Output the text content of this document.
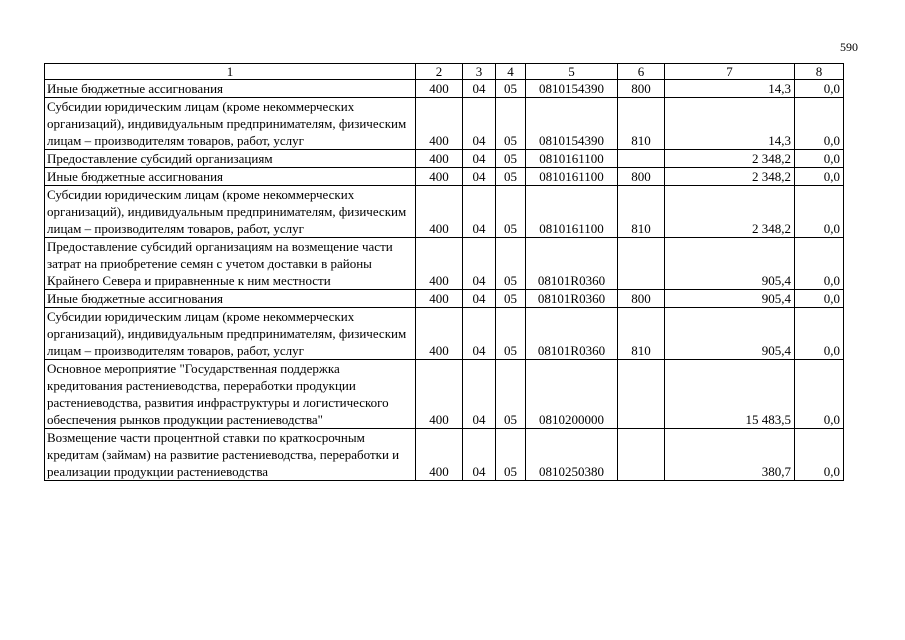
590
1	2	3	4	5	6	7	8
Иные бюджетные ассигнования	400	04	05	0810154390	800	14,3	0,0
Субсидии юридическим лицам (кроме некоммерческих организаций), индивидуальным предпринимателям, физическим лицам – производителям товаров, работ, услуг	400	04	05	0810154390	810	14,3	0,0
Предоставление субсидий организациям	400	04	05	0810161100		2 348,2	0,0
Иные бюджетные ассигнования	400	04	05	0810161100	800	2 348,2	0,0
Субсидии юридическим лицам (кроме некоммерческих организаций), индивидуальным предпринимателям, физическим лицам – производителям товаров, работ, услуг	400	04	05	0810161100	810	2 348,2	0,0
Предоставление субсидий организациям на возмещение части затрат на приобретение семян с учетом доставки в районы Крайнего Севера и приравненные к ним местности	400	04	05	08101R0360		905,4	0,0
Иные бюджетные ассигнования	400	04	05	08101R0360	800	905,4	0,0
Субсидии юридическим лицам (кроме некоммерческих организаций), индивидуальным предпринимателям, физическим лицам – производителям товаров, работ, услуг	400	04	05	08101R0360	810	905,4	0,0
Основное мероприятие "Государственная поддержка кредитования растениеводства, переработки продукции растениеводства, развития инфраструктуры и логистического обеспечения рынков продукции растениеводства"	400	04	05	0810200000		15 483,5	0,0
Возмещение части процентной ставки по краткосрочным кредитам (займам) на развитие растениеводства, переработки и реализации продукции растениеводства	400	04	05	0810250380		380,7	0,0
